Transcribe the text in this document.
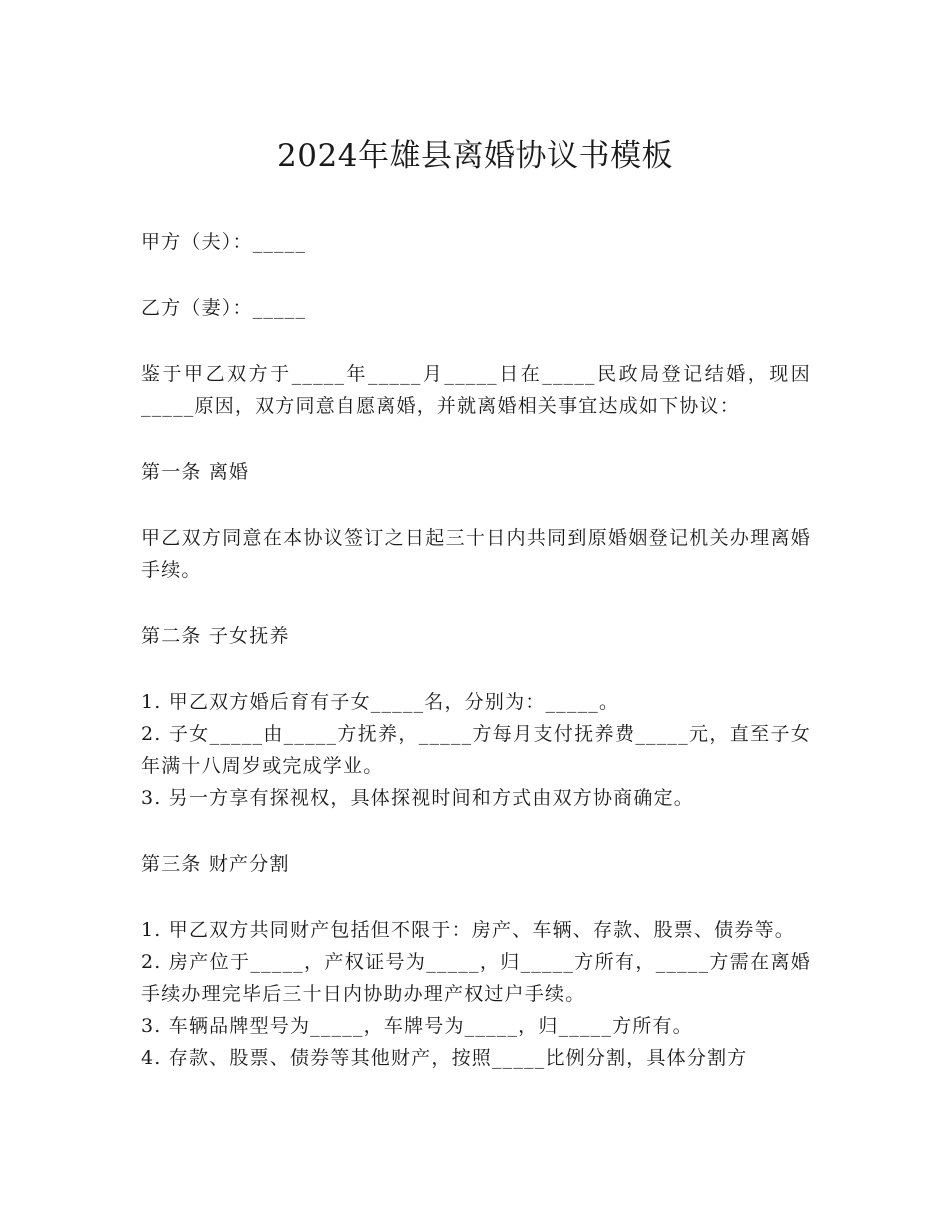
2024年雄县离婚协议书模板

甲方（夫）：_____

乙方（妻）：_____

鉴于甲乙双方于_____年_____月_____日在_____民政局登记结婚，现因_____原因，双方同意自愿离婚，并就离婚相关事宜达成如下协议：

第一条 离婚

甲乙双方同意在本协议签订之日起三十日内共同到原婚姻登记机关办理离婚手续。

第二条 子女抚养

1. 甲乙双方婚后育有子女_____名，分别为：_____。

2. 子女_____由_____方抚养，_____方每月支付抚养费_____元，直至子女年满十八周岁或完成学业。

3. 另一方享有探视权，具体探视时间和方式由双方协商确定。

第三条 财产分割

1. 甲乙双方共同财产包括但不限于：房产、车辆、存款、股票、债券等。

2. 房产位于_____，产权证号为_____，归_____方所有，_____方需在离婚手续办理完毕后三十日内协助办理产权过户手续。

3. 车辆品牌型号为_____，车牌号为_____，归_____方所有。

4. 存款、股票、债券等其他财产，按照_____比例分割，具体分割方
